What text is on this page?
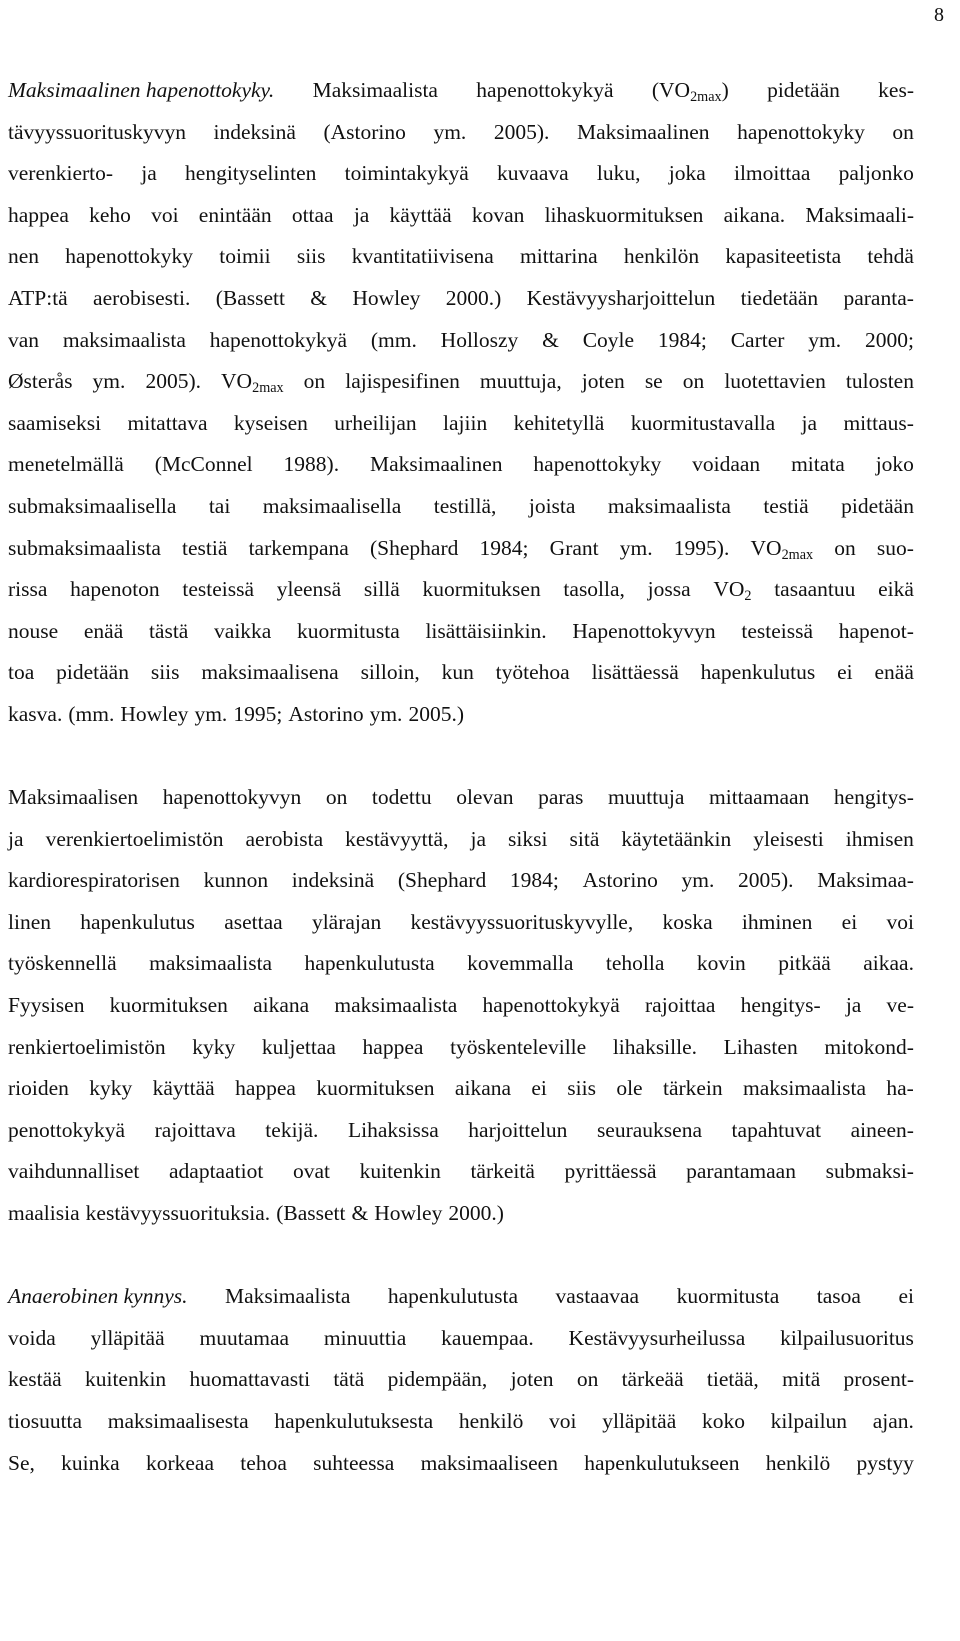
8
Maksimaalinen hapenottokyky. Maksimaalista hapenottokykyä $(VO_{2max})$ pidetään kes-
tävyyssuorituskyvyn indeksinä (Astorino ym. 2005). Maksimaalinen hapenottokyky on
verenkierto- ja hengityselinten toimintakykyä kuvaava luku, joka ilmoittaa paljonko
happea keho voi enintään ottaa ja käyttää kovan lihaskuormituksen aikana. Maksimaali-
nen hapenottokyky toimii siis kvantitatiivisena mittarina henkilön kapasiteetista tehdä
ATP:tä aerobisesti. (Bassett & Howley 2000.) Kestävyysharjoittelun tiedetään paranta-
van maksimaalista hapenottokykyä (mm. Holloszy & Coyle 1984; Carter ym. 2000;
Østerås ym. 2005). $VO_{2max}$ on lajispesifinen muuttuja, joten se on luotettavien tulosten
saamiseksi mitattava kyseisen urheilijan lajiin kehitetyllä kuormitustavalla ja mittaus-
menetelmällä (McConnel 1988). Maksimaalinen hapenottokyky voidaan mitata joko
submaksimaalisella tai maksimaalisella testillä, joista maksimaalista testiä pidetään
submaksimaalista testiä tarkempana (Shephard 1984; Grant ym. 1995). $VO_{2max}$ on suo-
rissa hapenoton testeissä yleensä sillä kuormituksen tasolla, jossa $VO_2$ tasaantuu eikä
nouse enää tästä vaikka kuormitusta lisättäisiinkin. Hapenottokyvyn testeissä hapenot-
toa pidetään siis maksimaalisena silloin, kun työtehoa lisättäessä hapenkulutus ei enää
kasva. (mm. Howley ym. 1995; Astorino ym. 2005.)
Maksimaalisen hapenottokyvyn on todettu olevan paras muuttuja mittaamaan hengitys-
ja verenkiertoelimistön aerobista kestävyyttä, ja siksi sitä käytetäänkin yleisesti ihmisen
kardiorespiratorisen kunnon indeksinä (Shephard 1984; Astorino ym. 2005). Maksimaa-
linen hapenkulutus asettaa ylärajan kestävyyssuorituskyvylle, koska ihminen ei voi
työskennellä maksimaalista hapenkulutusta kovemmalla teholla kovin pitkää aikaa.
Fyysisen kuormituksen aikana maksimaalista hapenottokykyä rajoittaa hengitys- ja ve-
renkiertoelimistön kyky kuljettaa happea työskenteleville lihaksille. Lihasten mitokond-
rioiden kyky käyttää happea kuormituksen aikana ei siis ole tärkein maksimaalista ha-
penottokykyä rajoittava tekijä. Lihaksissa harjoittelun seurauksena tapahtuvat aineen-
vaihdunnalliset adaptaatiot ovat kuitenkin tärkeitä pyrittäessä parantamaan submaksi-
maalisia kestävyyssuorituksia. (Bassett & Howley 2000.)
Anaerobinen kynnys. Maksimaalista hapenkulutusta vastaavaa kuormitusta tasoa ei
voida ylläpitää muutamaa minuuttia kauempaa. Kestävyysurheilussa kilpailusuoritus
kestää kuitenkin huomattavasti tätä pidempään, joten on tärkeää tietää, mitä prosent-
tiosuutta maksimaalisesta hapenkulutuksesta henkilö voi ylläpitää koko kilpailun ajan.
Se, kuinka korkeaa tehoa suhteessa maksimaaliseen hapenkulutukseen henkilö pystyy
